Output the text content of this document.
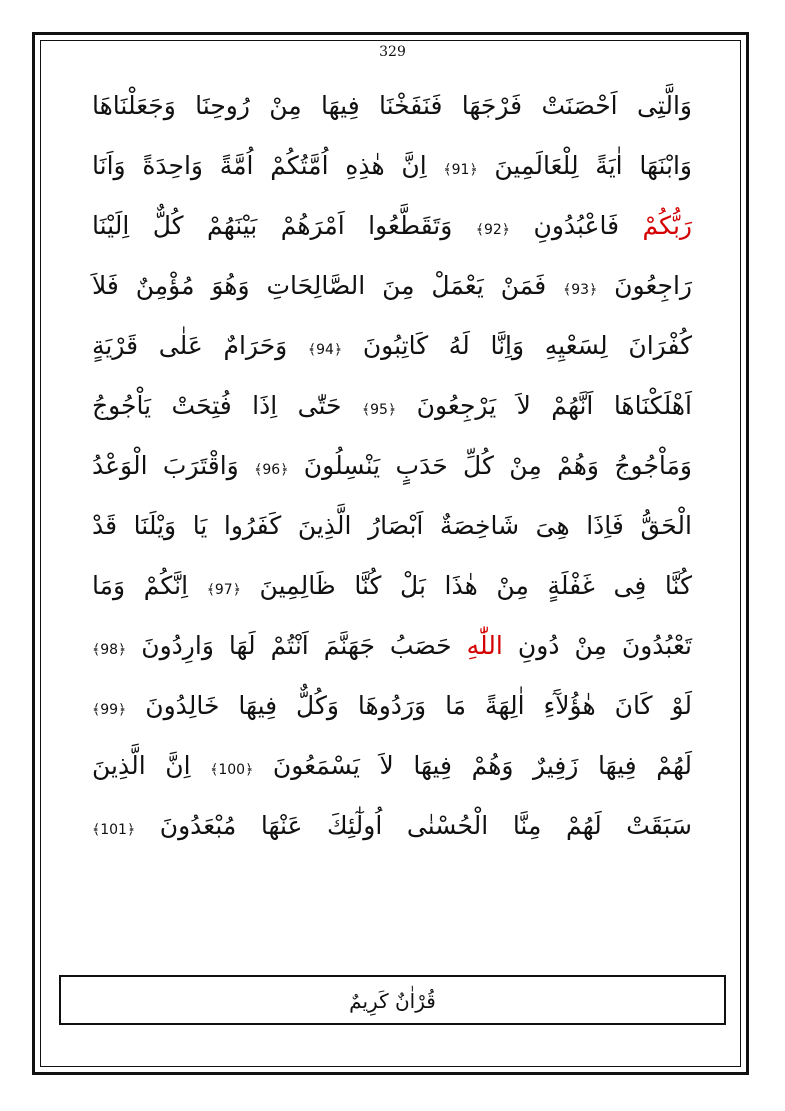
329
وَالَّتِى اَحْصَنَتْ فَرْجَهَا فَنَفَخْنَا فِيهَا مِنْ رُوحِنَا وَجَعَلْنَاهَا
وَابْنَهَا اٰيَةً لِلْعَالَمِينَ ﴿91﴾ اِنَّ هٰذِهِ اُمَّتُكُمْ اُمَّةً وَاحِدَةً وَاَنَا
رَبُّكُمْ فَاعْبُدُونِ ﴿92﴾ وَتَقَطَّعُوا اَمْرَهُمْ بَيْنَهُمْ كُلٌّ اِلَيْنَا
رَاجِعُونَ ﴿93﴾ فَمَنْ يَعْمَلْ مِنَ الصَّالِحَاتِ وَهُوَ مُؤْمِنٌ فَلاَ
كُفْرَانَ لِسَعْيِهِ وَاِنَّا لَهُ كَاتِبُونَ ﴿94﴾ وَحَرَامٌ عَلٰى قَرْيَةٍ
اَهْلَكْنَاهَا اَنَّهُمْ لاَ يَرْجِعُونَ ﴿95﴾ حَتّٰى اِذَا فُتِحَتْ يَاْجُوجُ
وَمَاْجُوجُ وَهُمْ مِنْ كُلِّ حَدَبٍ يَنْسِلُونَ ﴿96﴾ وَاقْتَرَبَ الْوَعْدُ
الْحَقُّ فَاِذَا هِىَ شَاخِصَةٌ اَبْصَارُ الَّذِينَ كَفَرُوا يَا وَيْلَنَا قَدْ
كُنَّا فِى غَفْلَةٍ مِنْ هٰذَا بَلْ كُنَّا ظَالِمِينَ ﴿97﴾ اِنَّكُمْ وَمَا
تَعْبُدُونَ مِنْ دُونِ اللّٰهِ حَصَبُ جَهَنَّمَ اَنْتُمْ لَهَا وَارِدُونَ ﴿98﴾
لَوْ كَانَ هٰؤُلآَءِ اٰلِهَةً مَا وَرَدُوهَا وَكُلٌّ فِيهَا خَالِدُونَ ﴿99﴾
لَهُمْ فِيهَا زَفِيرٌ وَهُمْ فِيهَا لاَ يَسْمَعُونَ ﴿100﴾ اِنَّ الَّذِينَ
سَبَقَتْ لَهُمْ مِنَّا الْحُسْنٰى اُولٰٓئِكَ عَنْهَا مُبْعَدُونَ ﴿101﴾
قُرْاٰنٌ كَرِيمٌ
